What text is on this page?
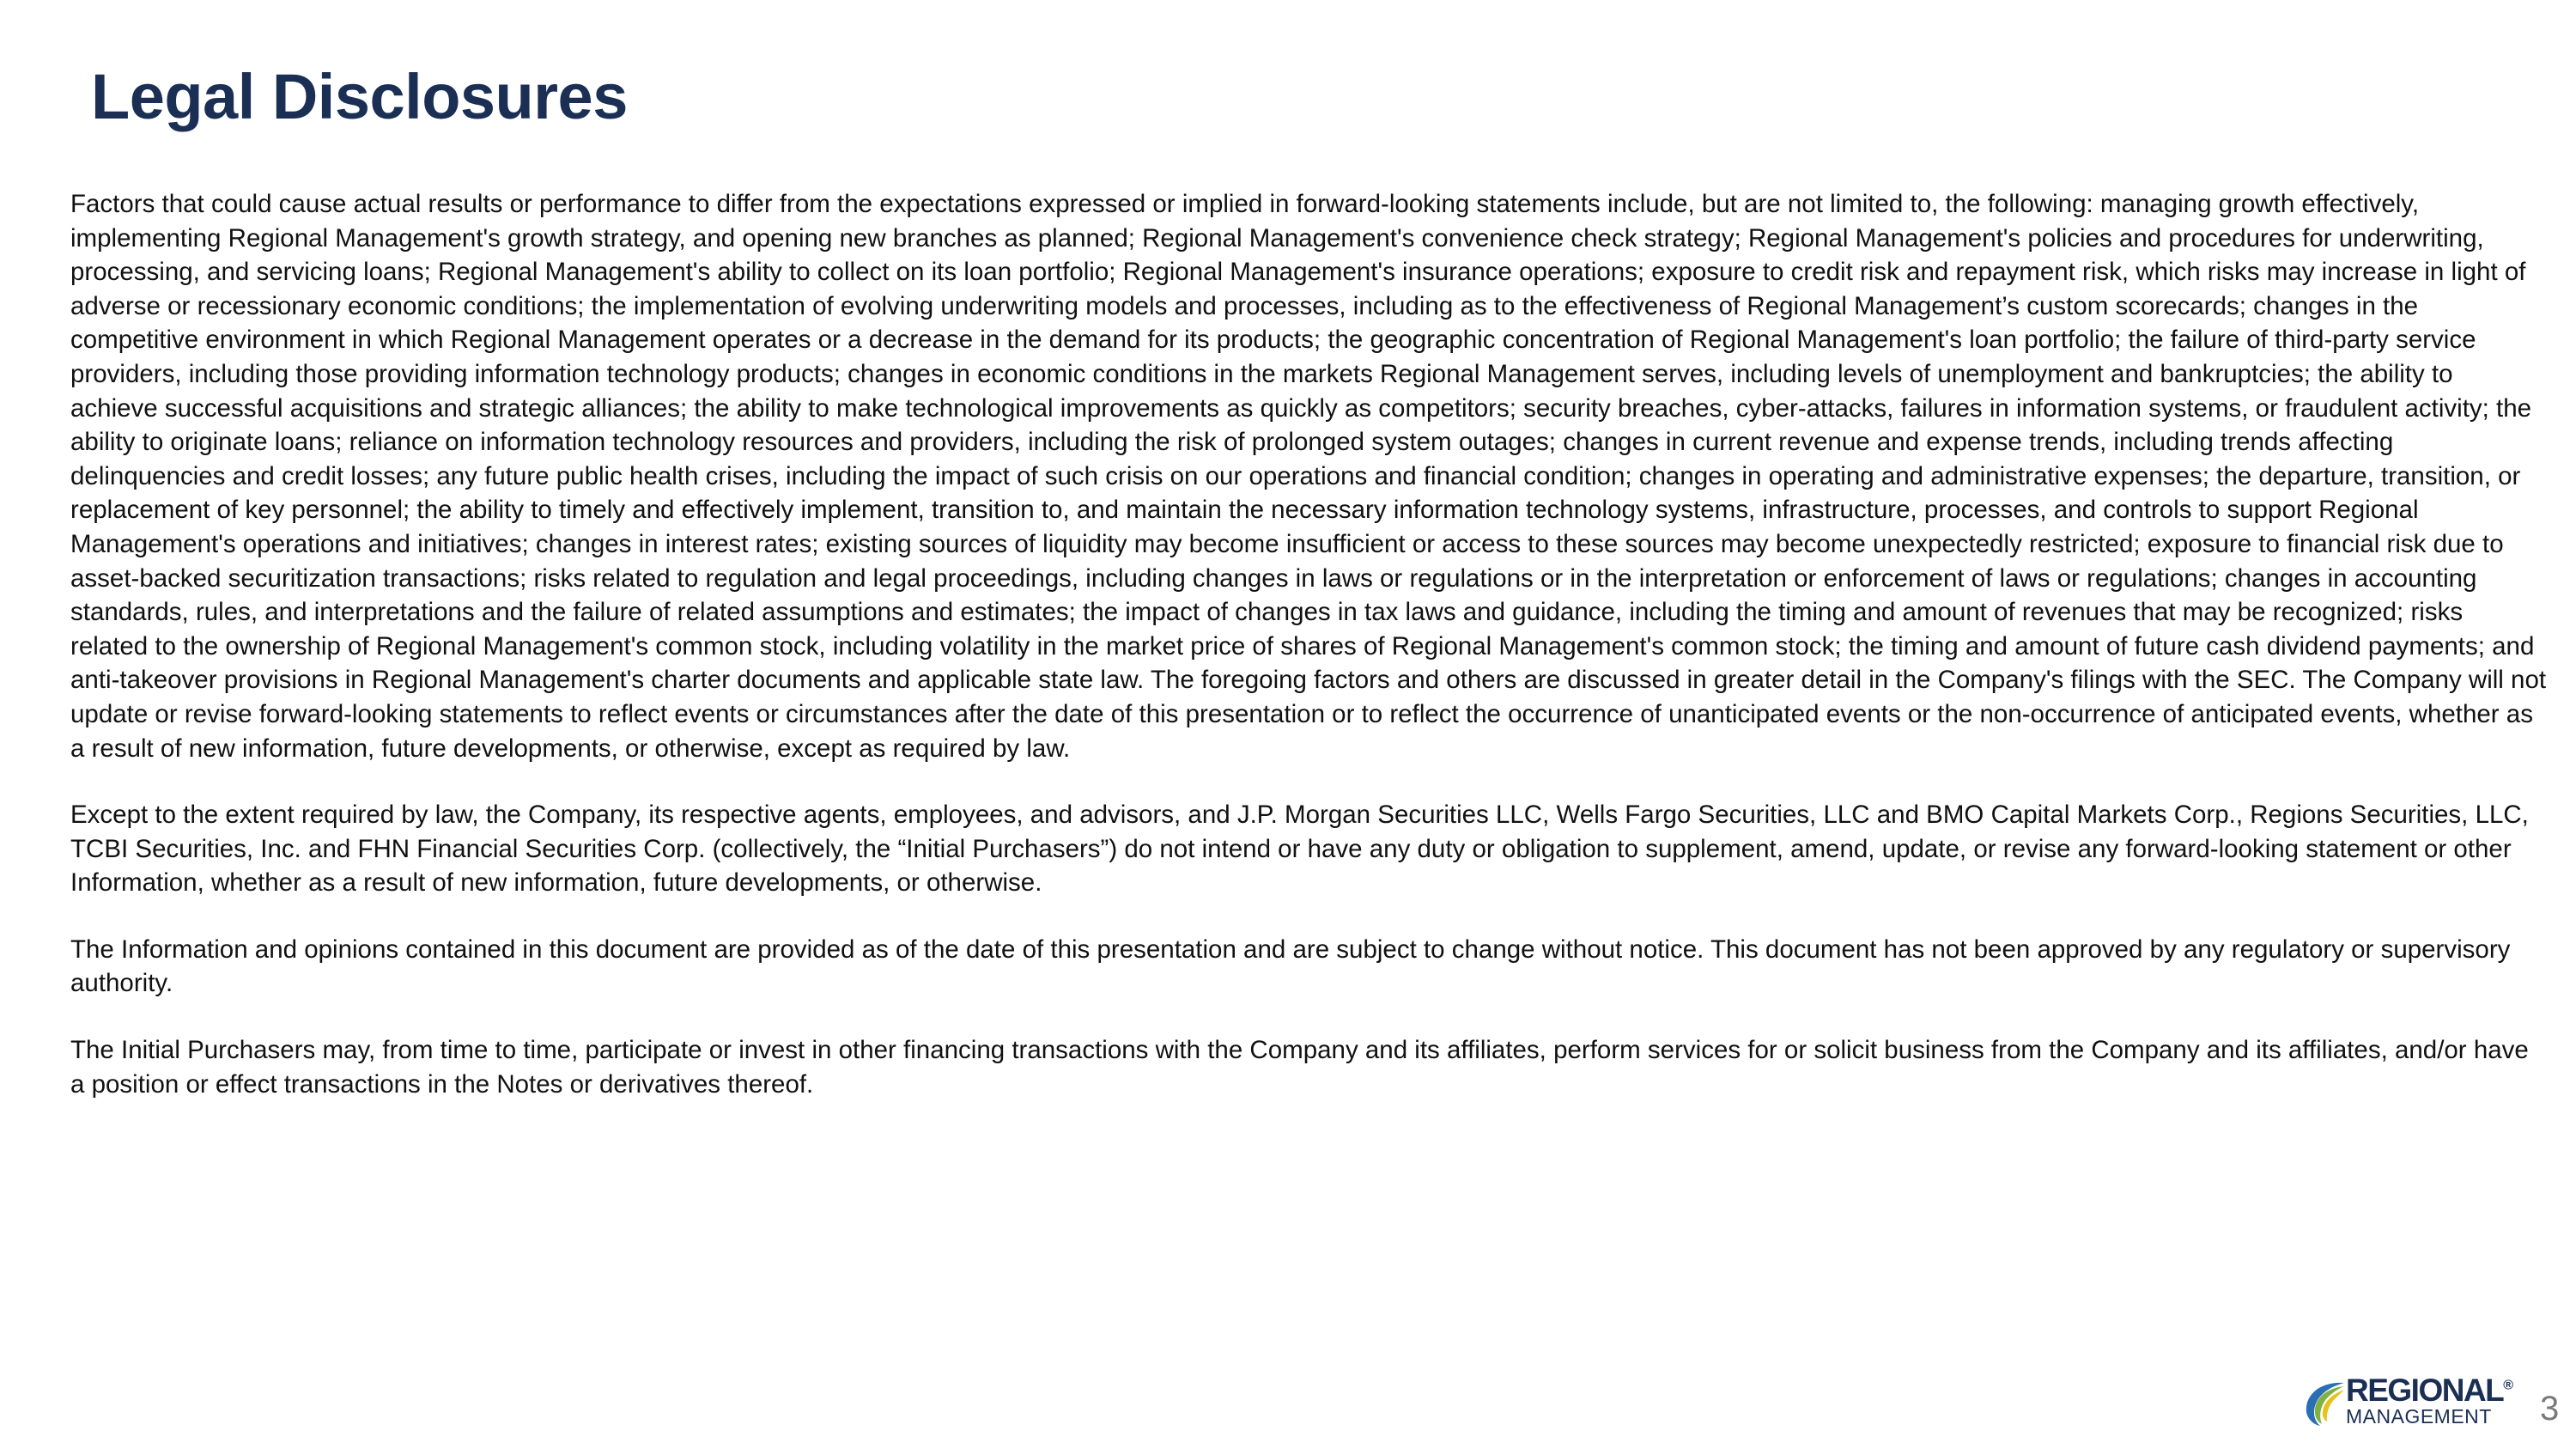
Legal Disclosures

Factors that could cause actual results or performance to differ from the expectations expressed or implied in forward-looking statements include, but are not limited to, the following: managing growth effectively, implementing Regional Management's growth strategy, and opening new branches as planned; Regional Management's convenience check strategy; Regional Management's policies and procedures for underwriting, processing, and servicing loans; Regional Management's ability to collect on its loan portfolio; Regional Management's insurance operations; exposure to credit risk and repayment risk, which risks may increase in light of adverse or recessionary economic conditions; the implementation of evolving underwriting models and processes, including as to the effectiveness of Regional Management’s custom scorecards; changes in the competitive environment in which Regional Management operates or a decrease in the demand for its products; the geographic concentration of Regional Management's loan portfolio; the failure of third-party service providers, including those providing information technology products; changes in economic conditions in the markets Regional Management serves, including levels of unemployment and bankruptcies; the ability to achieve successful acquisitions and strategic alliances; the ability to make technological improvements as quickly as competitors; security breaches, cyber-attacks, failures in information systems, or fraudulent activity; the ability to originate loans; reliance on information technology resources and providers, including the risk of prolonged system outages; changes in current revenue and expense trends, including trends affecting delinquencies and credit losses; any future public health crises, including the impact of such crisis on our operations and financial condition; changes in operating and administrative expenses; the departure, transition, or replacement of key personnel; the ability to timely and effectively implement, transition to, and maintain the necessary information technology systems, infrastructure, processes, and controls to support Regional Management's operations and initiatives; changes in interest rates; existing sources of liquidity may become insufficient or access to these sources may become unexpectedly restricted; exposure to financial risk due to asset-backed securitization transactions; risks related to regulation and legal proceedings, including changes in laws or regulations or in the interpretation or enforcement of laws or regulations; changes in accounting standards, rules, and interpretations and the failure of related assumptions and estimates; the impact of changes in tax laws and guidance, including the timing and amount of revenues that may be recognized; risks related to the ownership of Regional Management's common stock, including volatility in the market price of shares of Regional Management's common stock; the timing and amount of future cash dividend payments; and anti-takeover provisions in Regional Management's charter documents and applicable state law. The foregoing factors and others are discussed in greater detail in the Company's filings with the SEC. The Company will not update or revise forward-looking statements to reflect events or circumstances after the date of this presentation or to reflect the occurrence of unanticipated events or the non-occurrence of anticipated events, whether as a result of new information, future developments, or otherwise, except as required by law.

Except to the extent required by law, the Company, its respective agents, employees, and advisors, and J.P. Morgan Securities LLC, Wells Fargo Securities, LLC and BMO Capital Markets Corp., Regions Securities, LLC, TCBI Securities, Inc. and FHN Financial Securities Corp. (collectively, the “Initial Purchasers”) do not intend or have any duty or obligation to supplement, amend, update, or revise any forward-looking statement or other Information, whether as a result of new information, future developments, or otherwise.

The Information and opinions contained in this document are provided as of the date of this presentation and are subject to change without notice. This document has not been approved by any regulatory or supervisory authority.

The Initial Purchasers may, from time to time, participate or invest in other financing transactions with the Company and its affiliates, perform services for or solicit business from the Company and its affiliates, and/or have a position or effect transactions in the Notes or derivatives thereof.

REGIONAL®
MANAGEMENT 3
